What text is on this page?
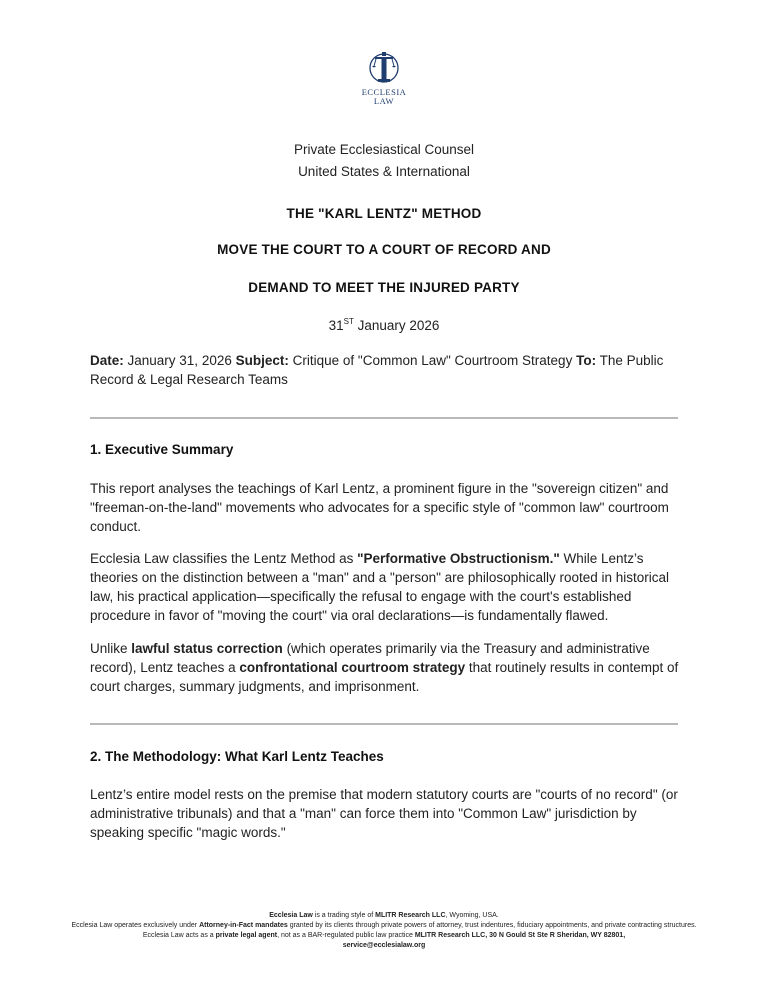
ECCLESIA
LAW
Private Ecclesiastical Counsel
United States & International
THE "KARL LENTZ" METHOD
MOVE THE COURT TO A COURT OF RECORD AND
DEMAND TO MEET THE INJURED PARTY
31ST January 2026

Date: January 31, 2026 Subject: Critique of "Common Law" Courtroom Strategy To: The Public Record & Legal Research Teams

1. Executive Summary

This report analyses the teachings of Karl Lentz, a prominent figure in the "sovereign citizen" and "freeman-on-the-land" movements who advocates for a specific style of "common law" courtroom conduct.

Ecclesia Law classifies the Lentz Method as "Performative Obstructionism." While Lentz’s theories on the distinction between a "man" and a "person" are philosophically rooted in historical law, his practical application—specifically the refusal to engage with the court's established procedure in favor of "moving the court" via oral declarations—is fundamentally flawed.

Unlike lawful status correction (which operates primarily via the Treasury and administrative record), Lentz teaches a confrontational courtroom strategy that routinely results in contempt of court charges, summary judgments, and imprisonment.

2. The Methodology: What Karl Lentz Teaches

Lentz’s entire model rests on the premise that modern statutory courts are "courts of no record" (or administrative tribunals) and that a "man" can force them into "Common Law" jurisdiction by speaking specific "magic words."

Ecclesia Law is a trading style of MLITR Research LLC, Wyoming, USA.
Ecclesia Law operates exclusively under Attorney-in-Fact mandates granted by its clients through private powers of attorney, trust indentures, fiduciary appointments, and private contracting structures. Ecclesia Law acts as a private legal agent, not as a BAR-regulated public law practice MLITR Research LLC, 30 N Gould St Ste R Sheridan, WY 82801,
service@ecclesialaw.org
